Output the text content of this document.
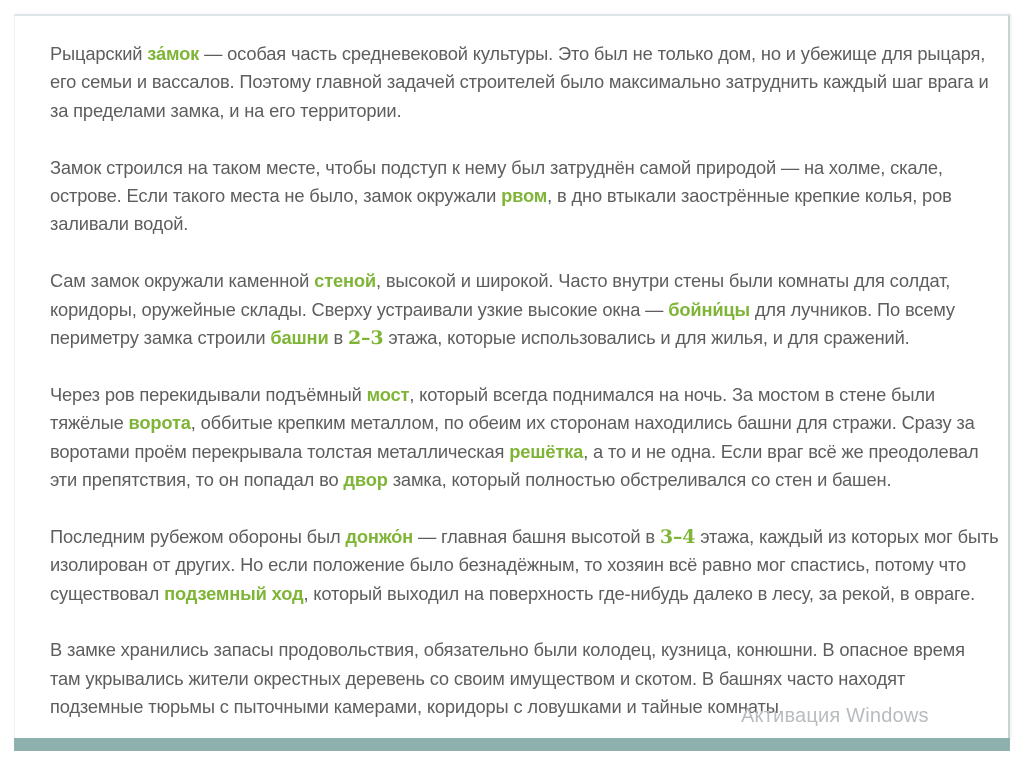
Рыцарский за́мок — особая часть средневековой культуры. Это был не только дом, но и убежище для рыцаря, его семьи и вассалов. Поэтому главной задачей строителей было максимально затруднить каждый шаг врага и за пределами замка, и на его территории.

Замок строился на таком месте, чтобы подступ к нему был затруднён самой природой — на холме, скале, острове. Если такого места не было, замок окружали рвом, в дно втыкали заострённые крепкие колья, ров заливали водой.

Сам замок окружали каменной стеной, высокой и широкой. Часто внутри стены были комнаты для солдат, коридоры, оружейные склады. Сверху устраивали узкие высокие окна — бойни́цы для лучников. По всему периметру замка строили башни в 2–3 этажа, которые использовались и для жилья, и для сражений.

Через ров перекидывали подъёмный мост, который всегда поднимался на ночь. За мостом в стене были тяжёлые ворота, оббитые крепким металлом, по обеим их сторонам находились башни для стражи. Сразу за воротами проём перекрывала толстая металлическая решётка, а то и не одна. Если враг всё же преодолевал эти препятствия, то он попадал во двор замка, который полностью обстреливался со стен и башен.

Последним рубежом обороны был донжо́н — главная башня высотой в 3–4 этажа, каждый из которых мог быть изолирован от других. Но если положение было безнадёжным, то хозяин всё равно мог спастись, потому что существовал подземный ход, который выходил на поверхность где-нибудь далеко в лесу, за рекой, в овраге.

В замке хранились запасы продовольствия, обязательно были колодец, кузница, конюшни. В опасное время там укрывались жители окрестных деревень со своим имуществом и скотом. В башнях часто находят подземные тюрьмы с пыточными камерами, коридоры с ловушками и тайные комнаты.

Активация Windows
